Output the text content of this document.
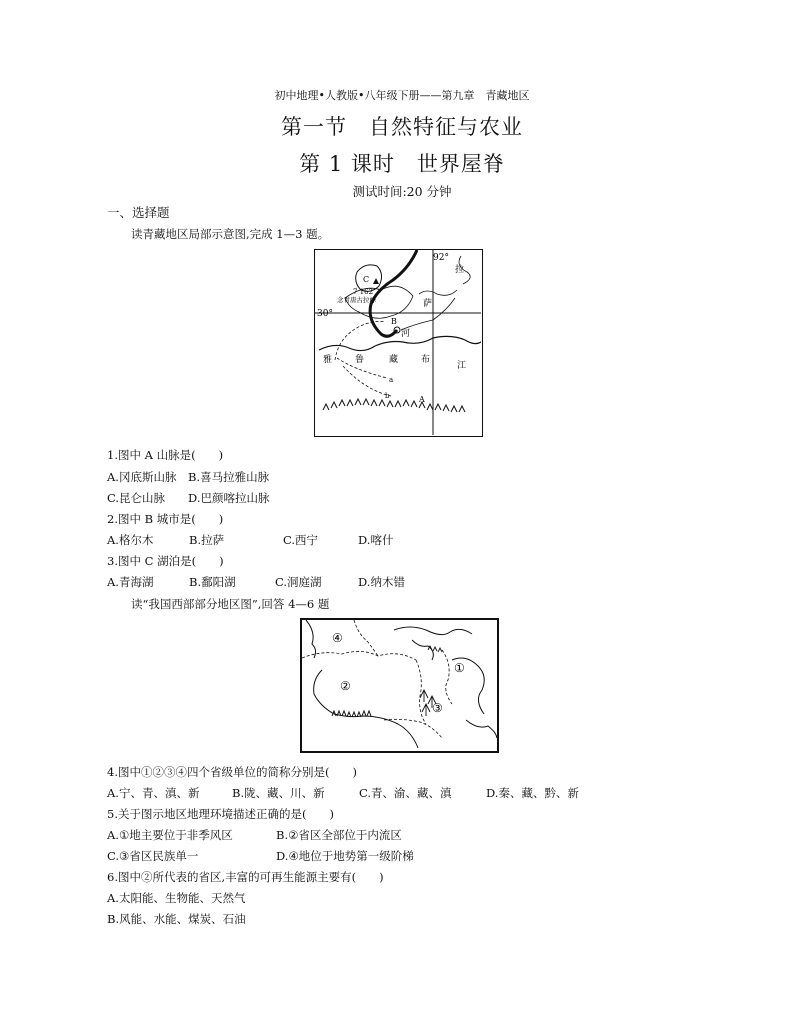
初中地理•人教版•八年级下册——第九章　青藏地区
第一节　自然特征与农业
第 1 课时　世界屋脊
测试时间:20 分钟
一、选择题
读青藏地区局部示意图,完成 1—3 题。
92°
30°
C
7 162
念青唐古拉峰
B
A
a
b
拉
萨
河
雅	鲁	藏	布
江
1.图中 A 山脉是(　　)
A.冈底斯山脉　B.喜马拉雅山脉
C.昆仑山脉　　D.巴颜喀拉山脉
2.图中 B 城市是(　　)
A.格尔木	B.拉萨	C.西宁	D.喀什
3.图中 C 湖泊是(　　)
A.青海湖	B.鄱阳湖	C.洞庭湖	D.纳木错
读“我国西部部分地区图”,回答 4—6 题
④
②
③
①
4.图中①②③④四个省级单位的简称分别是(　　)
A.宁、青、滇、新	B.陇、藏、川、新	C.青、渝、藏、滇	D.秦、藏、黔、新
5.关于图示地区地理环境描述正确的是(　　)
A.①地主要位于非季风区	B.②省区全部位于内流区
C.③省区民族单一	D.④地位于地势第一级阶梯
6.图中②所代表的省区,丰富的可再生能源主要有(　　)
A.太阳能、生物能、天然气
B.风能、水能、煤炭、石油
